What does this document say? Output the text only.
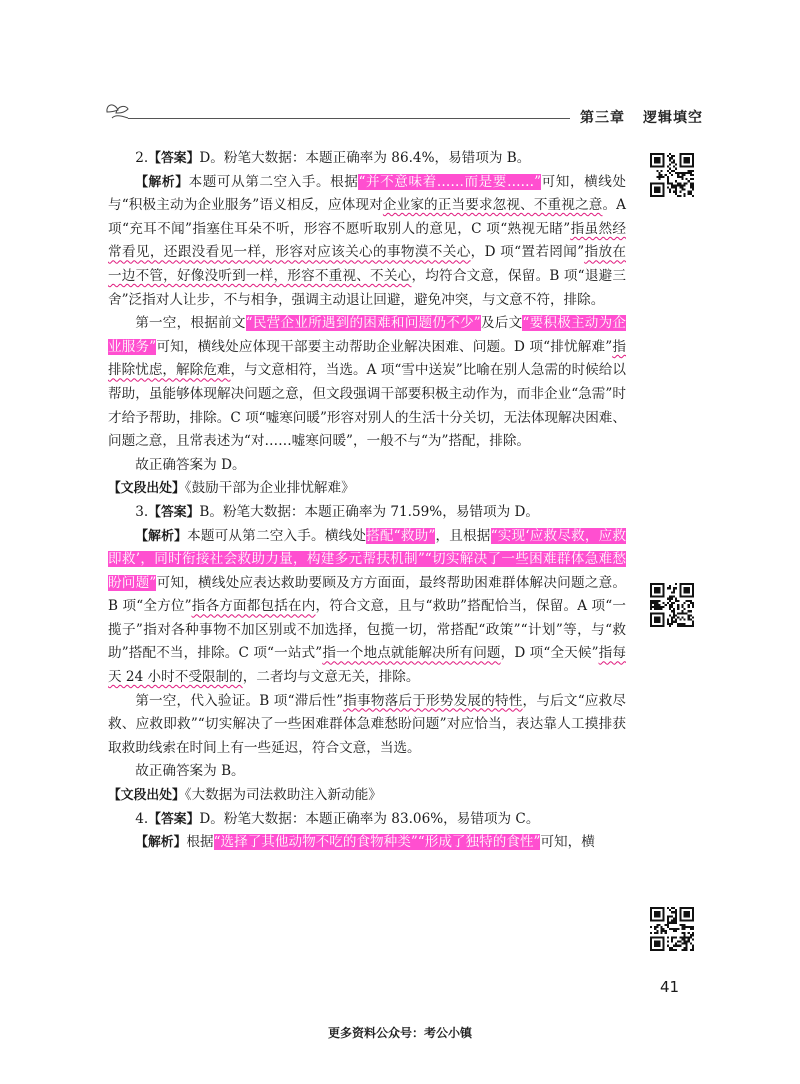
第三章 逻辑填空

2.【答案】D。粉笔大数据：本题正确率为 86.4%，易错项为 B。

【解析】本题可从第二空入手。根据“并不意味着……而是要……”可知，横线处与“积极主动为企业服务”语义相反，应体现对企业家的正当要求忽视、不重视之意。A 项“充耳不闻”指塞住耳朵不听，形容不愿听取别人的意见，C 项“熟视无睹”指虽然经常看见，还跟没看见一样，形容对应该关心的事物漠不关心，D 项“置若罔闻”指放在一边不管，好像没听到一样，形容不重视、不关心，均符合文意，保留。B 项“退避三舍”泛指对人让步，不与相争，强调主动退让回避，避免冲突，与文意不符，排除。

第一空，根据前文“民营企业所遇到的困难和问题仍不少”及后文“要积极主动为企业服务”可知，横线处应体现干部要主动帮助企业解决困难、问题。D 项“排忧解难”指排除忧虑，解除危难，与文意相符，当选。A 项“雪中送炭”比喻在别人急需的时候给以帮助，虽能够体现解决问题之意，但文段强调干部要积极主动作为，而非企业“急需”时才给予帮助，排除。C 项“嘘寒问暖”形容对别人的生活十分关切，无法体现解决困难、问题之意，且常表述为“对……嘘寒问暖”，一般不与“为”搭配，排除。

故正确答案为 D。

【文段出处】《鼓励干部为企业排忧解难》

3.【答案】B。粉笔大数据：本题正确率为 71.59%，易错项为 D。

【解析】本题可从第二空入手。横线处搭配“救助”，且根据“实现‘应救尽救，应救即救’，同时衔接社会救助力量，构建多元帮扶机制”“切实解决了一些困难群体急难愁盼问题”可知，横线处应表达救助要顾及方方面面，最终帮助困难群体解决问题之意。B 项“全方位”指各方面都包括在内，符合文意，且与“救助”搭配恰当，保留。A 项“一揽子”指对各种事物不加区别或不加选择，包揽一切，常搭配“政策”“计划”等，与“救助”搭配不当，排除。C 项“一站式”指一个地点就能解决所有问题，D 项“全天候”指每天 24 小时不受限制的，二者均与文意无关，排除。

第一空，代入验证。B 项“滞后性”指事物落后于形势发展的特性，与后文“应救尽救、应救即救”“切实解决了一些困难群体急难愁盼问题”对应恰当，表达靠人工摸排获取救助线索在时间上有一些延迟，符合文意，当选。

故正确答案为 B。

【文段出处】《大数据为司法救助注入新动能》

4.【答案】D。粉笔大数据：本题正确率为 83.06%，易错项为 C。

【解析】根据“选择了其他动物不吃的食物种类”“形成了独特的食性”可知，横

41
更多资料公众号：考公小镇
